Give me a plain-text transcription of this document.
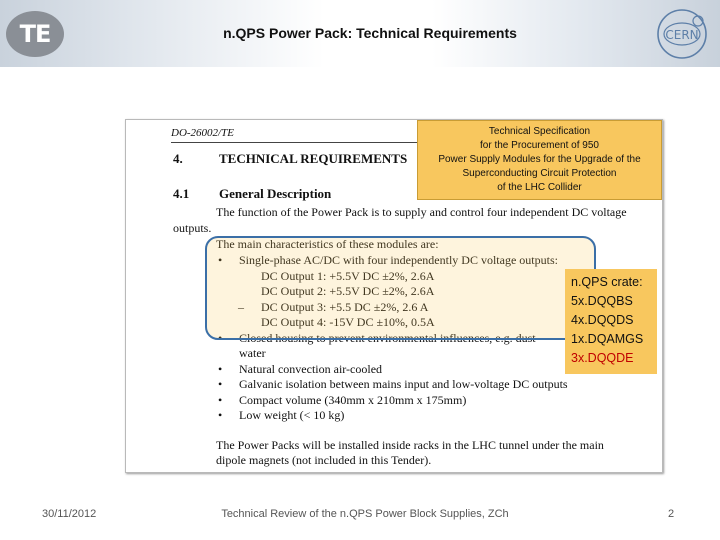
TE	n.QPS Power Pack: Technical Requirements	CERN
DO-26002/TE
4.	TECHNICAL REQUIREMENTS
4.1 General Description
The function of the Power Pack is to supply and control four independent DC voltage
outputs.
The main characteristics of these modules are:
• Single-phase AC/DC with four independently DC voltage outputs:
DC Output 1: +5.5V DC ±2%, 2.6A
DC Output 2: +5.5V DC ±2%, 2.6A
– DC Output 3: +5.5 DC ±2%, 2.6 A
DC Output 4: -15V DC ±10%, 0.5A
• Closed housing to prevent environmental influences, e.g. dust
water
• Natural convection air-cooled
• Galvanic isolation between mains input and low-voltage DC outputs
• Compact volume (340mm x 210mm x 175mm)
• Low weight (< 10 kg)
The Power Packs will be installed inside racks in the LHC tunnel under the main
dipole magnets (not included in this Tender).
Technical Specification
for the Procurement of 950
Power Supply Modules for the Upgrade of the
Superconducting Circuit Protection
of the LHC Collider
n.QPS crate:
5x.DQQBS
4x.DQQDS
1x.DQAMGS
3x.DQQDE
30/11/2012	Technical Review of the n.QPS Power Block Supplies, ZCh	2
